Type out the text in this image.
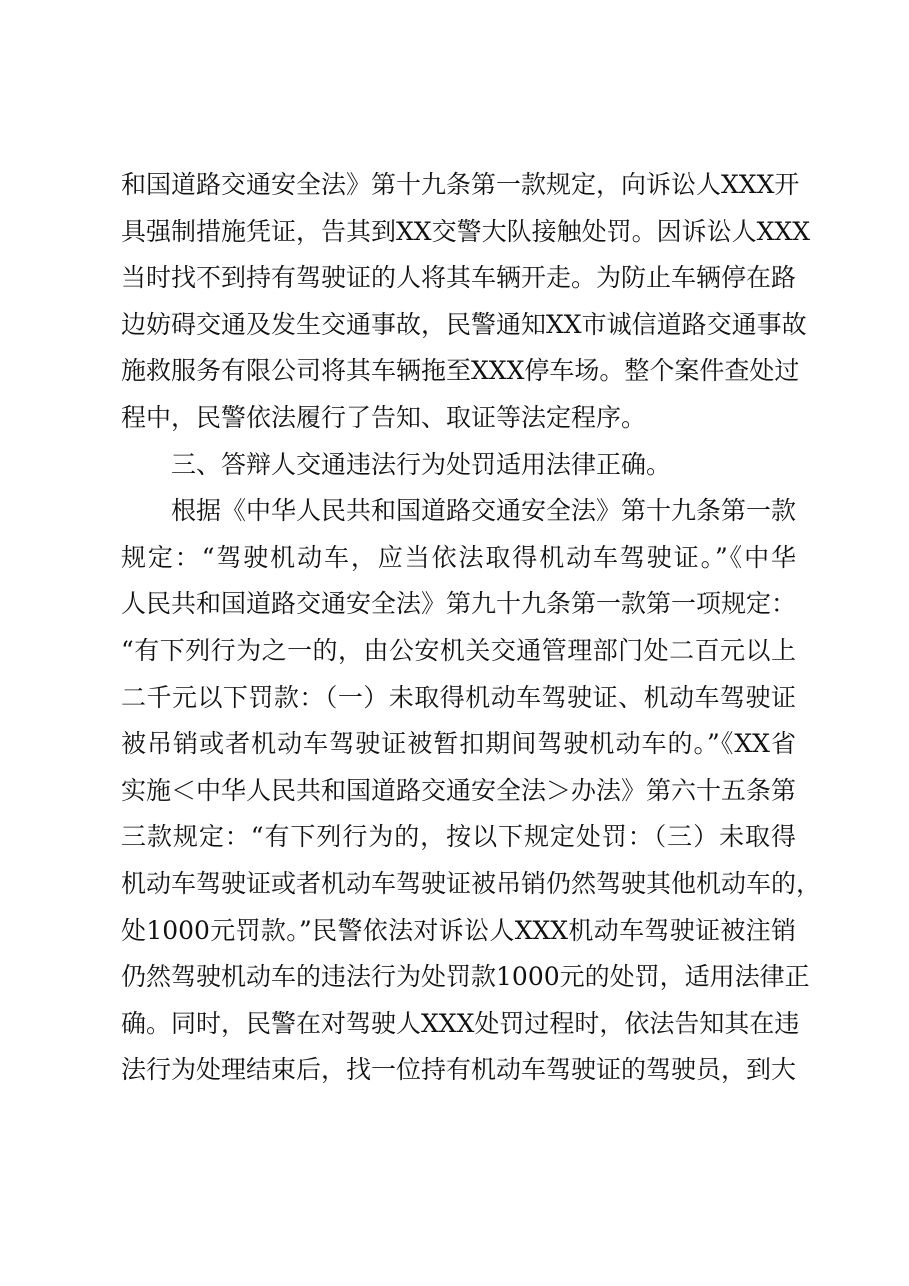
和国道路交通安全法》第十九条第一款规定，向诉讼人XXX开
具强制措施凭证，告其到XX交警大队接触处罚。因诉讼人XXX
当时找不到持有驾驶证的人将其车辆开走。为防止车辆停在路
边妨碍交通及发生交通事故，民警通知XX市诚信道路交通事故
施救服务有限公司将其车辆拖至XXX停车场。整个案件查处过
程中，民警依法履行了告知、取证等法定程序。
三、答辩人交通违法行为处罚适用法律正确。
根据《中华人民共和国道路交通安全法》第十九条第一款
规定：“驾驶机动车，应当依法取得机动车驾驶证。”《中华
人民共和国道路交通安全法》第九十九条第一款第一项规定：
“有下列行为之一的，由公安机关交通管理部门处二百元以上
二千元以下罚款：（一）未取得机动车驾驶证、机动车驾驶证
被吊销或者机动车驾驶证被暂扣期间驾驶机动车的。”《XX省
实施＜中华人民共和国道路交通安全法＞办法》第六十五条第
三款规定：“有下列行为的，按以下规定处罚：（三）未取得
机动车驾驶证或者机动车驾驶证被吊销仍然驾驶其他机动车的，
处1000元罚款。”民警依法对诉讼人XXX机动车驾驶证被注销
仍然驾驶机动车的违法行为处罚款1000元的处罚，适用法律正
确。同时，民警在对驾驶人XXX处罚过程时，依法告知其在违
法行为处理结束后，找一位持有机动车驾驶证的驾驶员，到大
